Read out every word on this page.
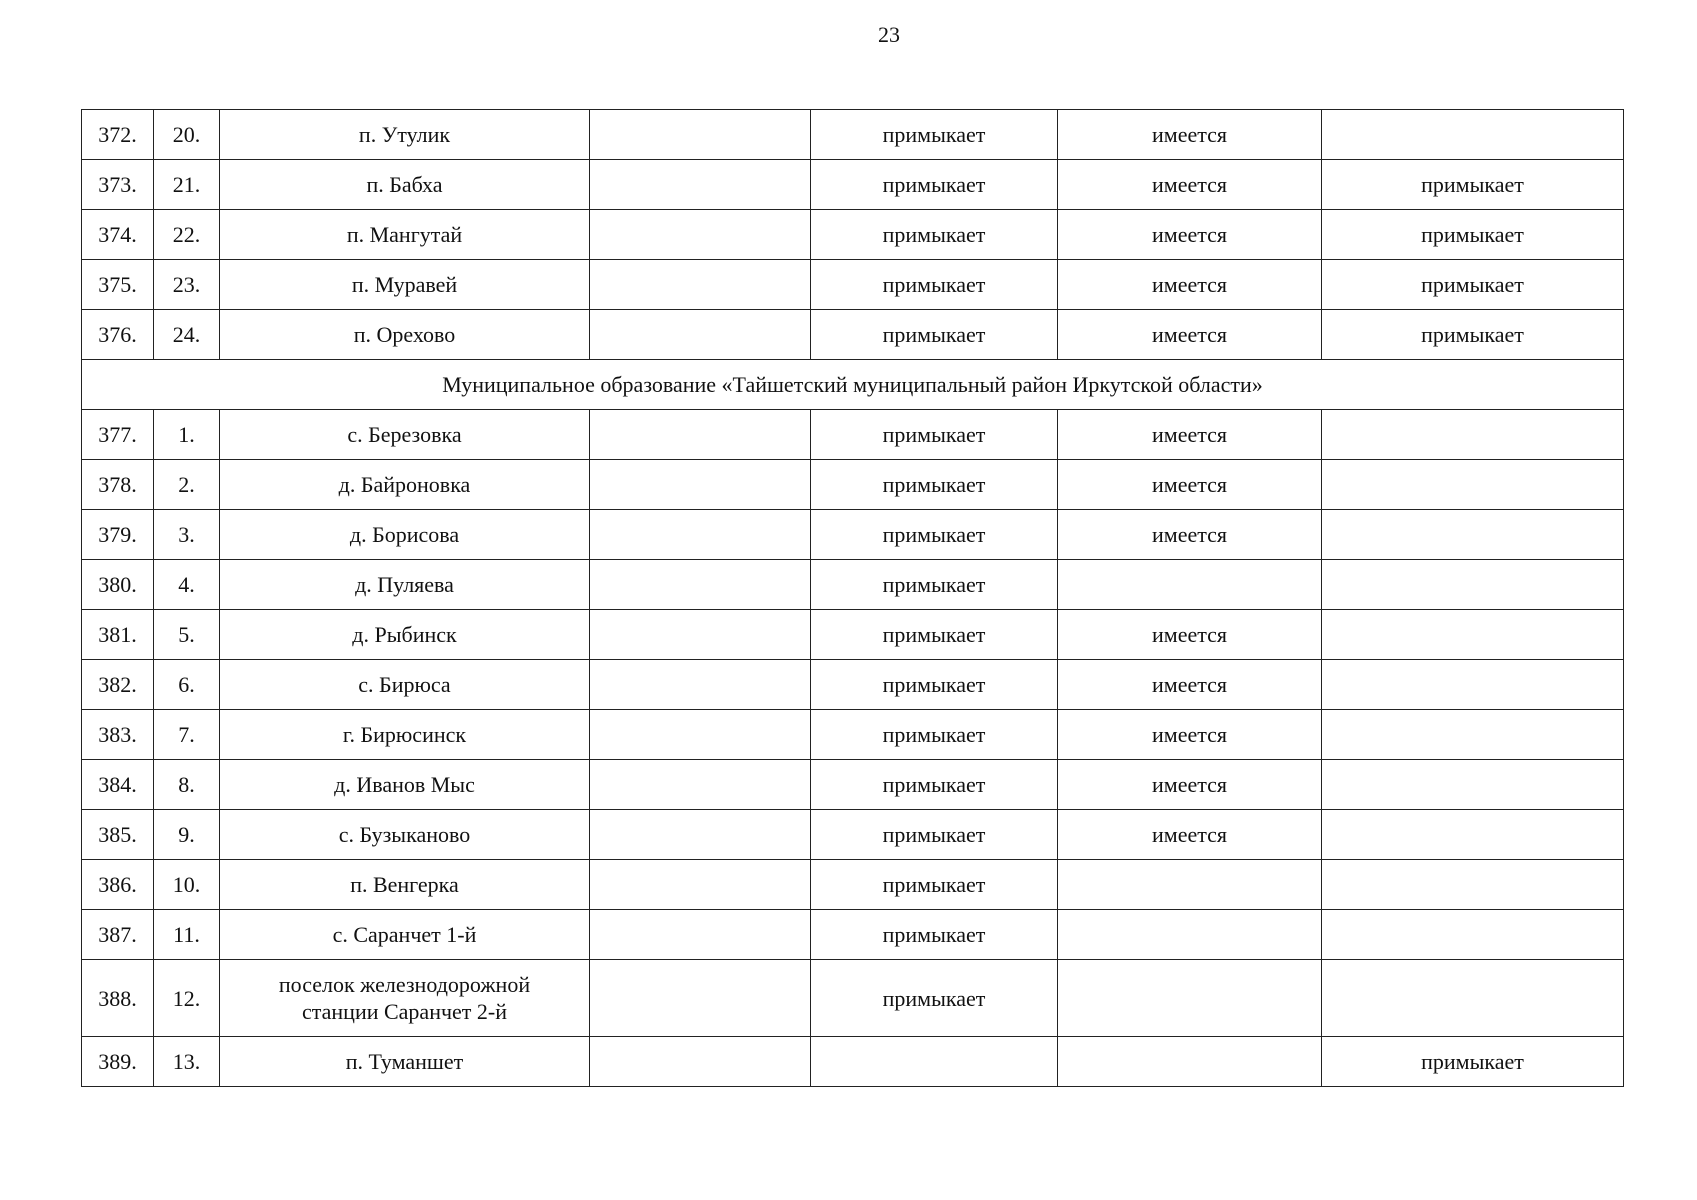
23
372.	20.	п. Утулик		примыкает	имеется	
373.	21.	п. Бабха		примыкает	имеется	примыкает
374.	22.	п. Мангутай		примыкает	имеется	примыкает
375.	23.	п. Муравей		примыкает	имеется	примыкает
376.	24.	п. Орехово		примыкает	имеется	примыкает
Муниципальное образование «Тайшетский муниципальный район Иркутской области»						
377.	1.	с. Березовка		примыкает	имеется	
378.	2.	д. Байроновка		примыкает	имеется	
379.	3.	д. Борисова		примыкает	имеется	
380.	4.	д. Пуляева		примыкает		
381.	5.	д. Рыбинск		примыкает	имеется	
382.	6.	с. Бирюса		примыкает	имеется	
383.	7.	г. Бирюсинск		примыкает	имеется	
384.	8.	д. Иванов Мыс		примыкает	имеется	
385.	9.	с. Бузыканово		примыкает	имеется	
386.	10.	п. Венгерка		примыкает		
387.	11.	с. Саранчет 1-й		примыкает		
388.	12.	поселок железнодорожной станции Саранчет 2-й		примыкает		
389.	13.	п. Туманшет				примыкает
